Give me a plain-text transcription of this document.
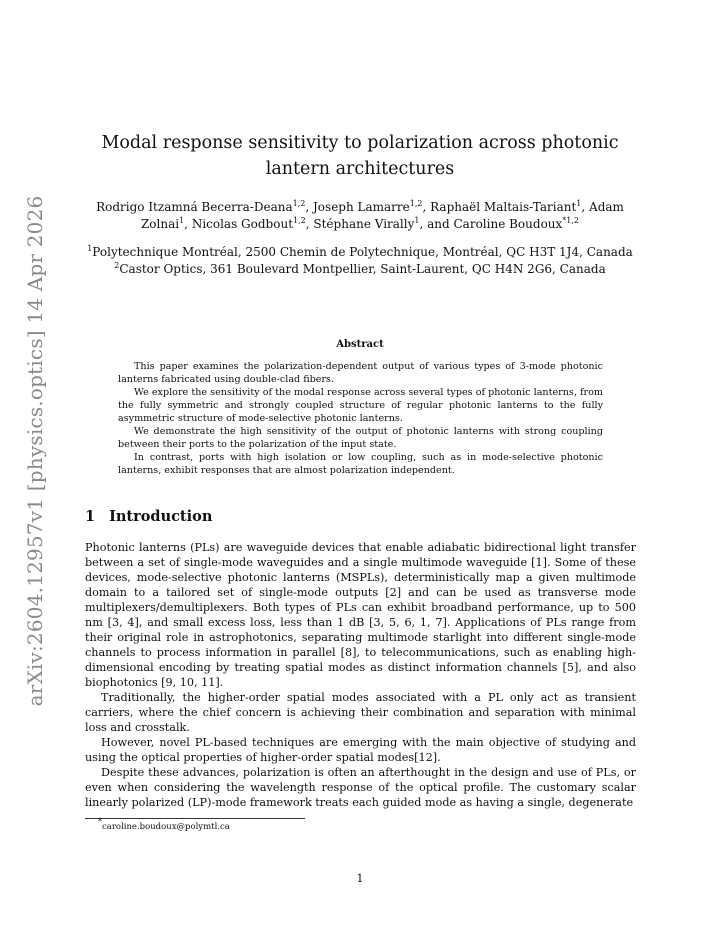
arXiv:2604.12957v1 [physics.optics] 14 Apr 2026
Modal response sensitivity to polarization across photonic lantern architectures
Rodrigo Itzamná Becerra-Deana$^{1,2}$, Joseph Lamarre$^{1,2}$, Raphaël Maltais-Tariant$^1$, Adam Zolnai$^1$, Nicolas Godbout$^{1,2}$, Stéphane Virally$^1$, and Caroline Boudoux$^{*1,2}$
$^1$Polytechnique Montréal, 2500 Chemin de Polytechnique, Montréal, QC H3T 1J4, Canada
$^2$Castor Optics, 361 Boulevard Montpellier, Saint-Laurent, QC H4N 2G6, Canada
Abstract

This paper examines the polarization-dependent output of various types of 3-mode photonic lanterns fabricated using double-clad fibers.

We explore the sensitivity of the modal response across several types of photonic lanterns, from the fully symmetric and strongly coupled structure of regular photonic lanterns to the fully asymmetric structure of mode-selective photonic lanterns.

We demonstrate the high sensitivity of the output of photonic lanterns with strong coupling between their ports to the polarization of the input state.

In contrast, ports with high isolation or low coupling, such as in mode-selective photonic lanterns, exhibit responses that are almost polarization independent.

1 Introduction

Photonic lanterns (PLs) are waveguide devices that enable adiabatic bidirectional light transfer between a set of single-mode waveguides and a single multimode waveguide [1]. Some of these devices, mode-selective photonic lanterns (MSPLs), deterministically map a given multimode domain to a tailored set of single-mode outputs [2] and can be used as transverse mode multiplexers/demultiplexers. Both types of PLs can exhibit broadband performance, up to 500 nm [3, 4], and small excess loss, less than 1 dB [3, 5, 6, 1, 7]. Applications of PLs range from their original role in astrophotonics, separating multimode starlight into different single-mode channels to process information in parallel [8], to telecommunications, such as enabling high-dimensional encoding by treating spatial modes as distinct information channels [5], and also biophotonics [9, 10, 11].

Traditionally, the higher-order spatial modes associated with a PL only act as transient carriers, where the chief concern is achieving their combination and separation with minimal loss and crosstalk.

However, novel PL-based techniques are emerging with the main objective of studying and using the optical properties of higher-order spatial modes[12].

Despite these advances, polarization is often an afterthought in the design and use of PLs, or even when considering the wavelength response of the optical profile. The customary scalar linearly polarized (LP)-mode framework treats each guided mode as having a single, degenerate

*caroline.boudoux@polymtl.ca
1
